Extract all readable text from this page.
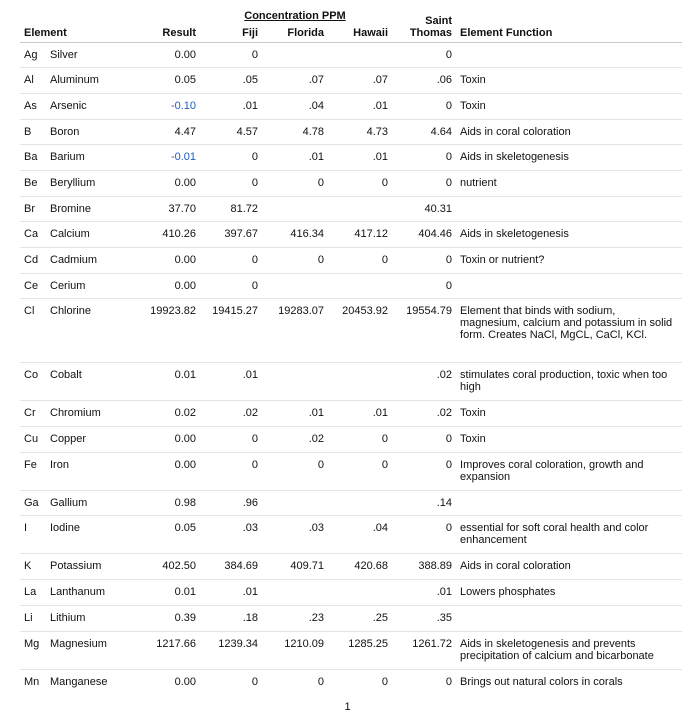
Concentration PPM
Element		Result	Fiji	Florida	Hawaii	Saint Thomas	Element Function
Ag	Silver	0.00	0			0	
Al	Aluminum	0.05	.05	.07	.07	.06	Toxin
As	Arsenic	-0.10	.01	.04	.01	0	Toxin
B	Boron	4.47	4.57	4.78	4.73	4.64	Aids in coral coloration
Ba	Barium	-0.01	0	.01	.01	0	Aids in skeletogenesis
Be	Beryllium	0.00	0	0	0	0	nutrient
Br	Bromine	37.70	81.72			40.31	
Ca	Calcium	410.26	397.67	416.34	417.12	404.46	Aids in skeletogenesis
Cd	Cadmium	0.00	0	0	0	0	Toxin or nutrient?
Ce	Cerium	0.00	0			0	
Cl	Chlorine	19923.82	19415.27	19283.07	20453.92	19554.79	Element that binds with sodium, magnesium, calcium and potassium in solid form. Creates NaCl, MgCL, CaCl, KCl.
Co	Cobalt	0.01	.01			.02	stimulates coral production, toxic when too high
Cr	Chromium	0.02	.02	.01	.01	.02	Toxin
Cu	Copper	0.00	0	.02	0	0	Toxin
Fe	Iron	0.00	0	0	0	0	Improves coral coloration, growth and expansion
Ga	Gallium	0.98	.96			.14	
I	Iodine	0.05	.03	.03	.04	0	essential for soft coral health and color enhancement
K	Potassium	402.50	384.69	409.71	420.68	388.89	Aids in coral coloration
La	Lanthanum	0.01	.01			.01	Lowers phosphates
Li	Lithium	0.39	.18	.23	.25	.35	
Mg	Magnesium	1217.66	1239.34	1210.09	1285.25	1261.72	Aids in skeletogenesis and prevents precipitation of calcium and bicarbonate
Mn	Manganese	0.00	0	0	0	0	Brings out natural colors in corals
1
